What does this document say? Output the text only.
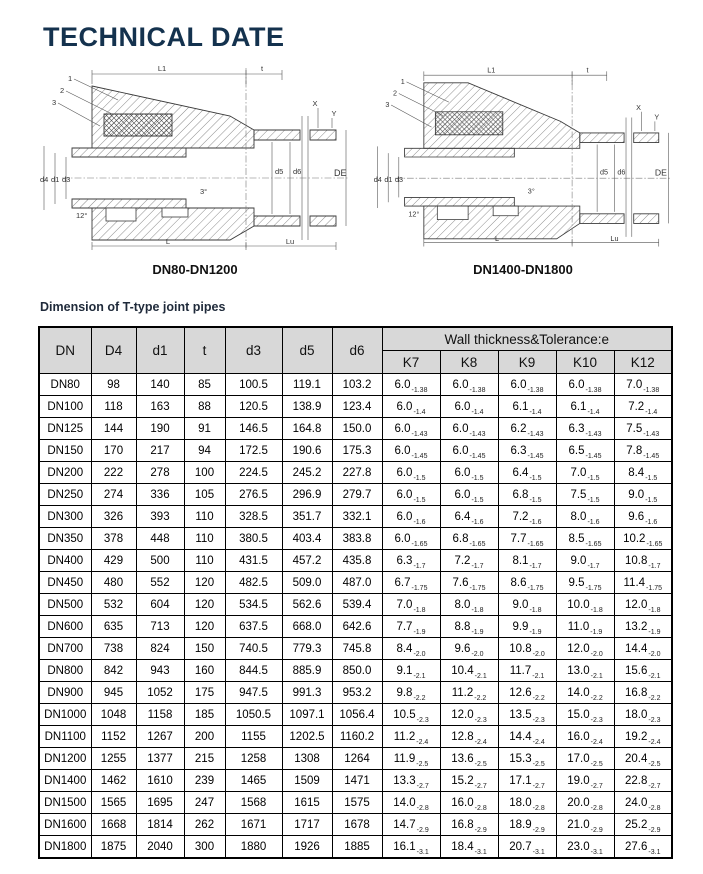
TECHNICAL DATE
1
2
3
L1	t
X
Y
d5 d6	DE
d4 d1 d3
12°
3°
L	Lu
DN80-DN1200
1
2
3
L1	t
X
Y
d5 d6	DE
d4 d1 d3
12°
3°
L	Lu
DN1400-DN1800
Dimension of T-type joint pipes
DN	D4	d1	t	d3	d5	d6	Wall thickness&Tolerance:e				
							K7	K8	K9	K10	K12
DN80	98	140	85	100.5	119.1	103.2	$6.0_{-1.38}$	$6.0_{-1.38}$	$6.0_{-1.38}$	$6.0_{-1.38}$	$7.0_{-1.38}$
DN100	118	163	88	120.5	138.9	123.4	$6.0_{-1.4}$	$6.0_{-1.4}$	$6.1_{-1.4}$	$6.1_{-1.4}$	$7.2_{-1.4}$
DN125	144	190	91	146.5	164.8	150.0	$6.0_{-1.43}$	$6.0_{-1.43}$	$6.2_{-1.43}$	$6.3_{-1.43}$	$7.5_{-1.43}$
DN150	170	217	94	172.5	190.6	175.3	$6.0_{-1.45}$	$6.0_{-1.45}$	$6.3_{-1.45}$	$6.5_{-1.45}$	$7.8_{-1.45}$
DN200	222	278	100	224.5	245.2	227.8	$6.0_{-1.5}$	$6.0_{-1.5}$	$6.4_{-1.5}$	$7.0_{-1.5}$	$8.4_{-1.5}$
DN250	274	336	105	276.5	296.9	279.7	$6.0_{-1.5}$	$6.0_{-1.5}$	$6.8_{-1.5}$	$7.5_{-1.5}$	$9.0_{-1.5}$
DN300	326	393	110	328.5	351.7	332.1	$6.0_{-1.6}$	$6.4_{-1.6}$	$7.2_{-1.6}$	$8.0_{-1.6}$	$9.6_{-1.6}$
DN350	378	448	110	380.5	403.4	383.8	$6.0_{-1.65}$	$6.8_{-1.65}$	$7.7_{-1.65}$	$8.5_{-1.65}$	$10.2_{-1.65}$
DN400	429	500	110	431.5	457.2	435.8	$6.3_{-1.7}$	$7.2_{-1.7}$	$8.1_{-1.7}$	$9.0_{-1.7}$	$10.8_{-1.7}$
DN450	480	552	120	482.5	509.0	487.0	$6.7_{-1.75}$	$7.6_{-1.75}$	$8.6_{-1.75}$	$9.5_{-1.75}$	$11.4_{-1.75}$
DN500	532	604	120	534.5	562.6	539.4	$7.0_{-1.8}$	$8.0_{-1.8}$	$9.0_{-1.8}$	$10.0_{-1.8}$	$12.0_{-1.8}$
DN600	635	713	120	637.5	668.0	642.6	$7.7_{-1.9}$	$8.8_{-1.9}$	$9.9_{-1.9}$	$11.0_{-1.9}$	$13.2_{-1.9}$
DN700	738	824	150	740.5	779.3	745.8	$8.4_{-2.0}$	$9.6_{-2.0}$	$10.8_{-2.0}$	$12.0_{-2.0}$	$14.4_{-2.0}$
DN800	842	943	160	844.5	885.9	850.0	$9.1_{-2.1}$	$10.4_{-2.1}$	$11.7_{-2.1}$	$13.0_{-2.1}$	$15.6_{-2.1}$
DN900	945	1052	175	947.5	991.3	953.2	$9.8_{-2.2}$	$11.2_{-2.2}$	$12.6_{-2.2}$	$14.0_{-2.2}$	$16.8_{-2.2}$
DN1000	1048	1158	185	1050.5	1097.1	1056.4	$10.5_{-2.3}$	$12.0_{-2.3}$	$13.5_{-2.3}$	$15.0_{-2.3}$	$18.0_{-2.3}$
DN1100	1152	1267	200	1155	1202.5	1160.2	$11.2_{-2.4}$	$12.8_{-2.4}$	$14.4_{-2.4}$	$16.0_{-2.4}$	$19.2_{-2.4}$
DN1200	1255	1377	215	1258	1308	1264	$11.9_{-2.5}$	$13.6_{-2.5}$	$15.3_{-2.5}$	$17.0_{-2.5}$	$20.4_{-2.5}$
DN1400	1462	1610	239	1465	1509	1471	$13.3_{-2.7}$	$15.2_{-2.7}$	$17.1_{-2.7}$	$19.0_{-2.7}$	$22.8_{-2.7}$
DN1500	1565	1695	247	1568	1615	1575	$14.0_{-2.8}$	$16.0_{-2.8}$	$18.0_{-2.8}$	$20.0_{-2.8}$	$24.0_{-2.8}$
DN1600	1668	1814	262	1671	1717	1678	$14.7_{-2.9}$	$16.8_{-2.9}$	$18.9_{-2.9}$	$21.0_{-2.9}$	$25.2_{-2.9}$
DN1800	1875	2040	300	1880	1926	1885	$16.1_{-3.1}$	$18.4_{-3.1}$	$20.7_{-3.1}$	$23.0_{-3.1}$	$27.6_{-3.1}$
